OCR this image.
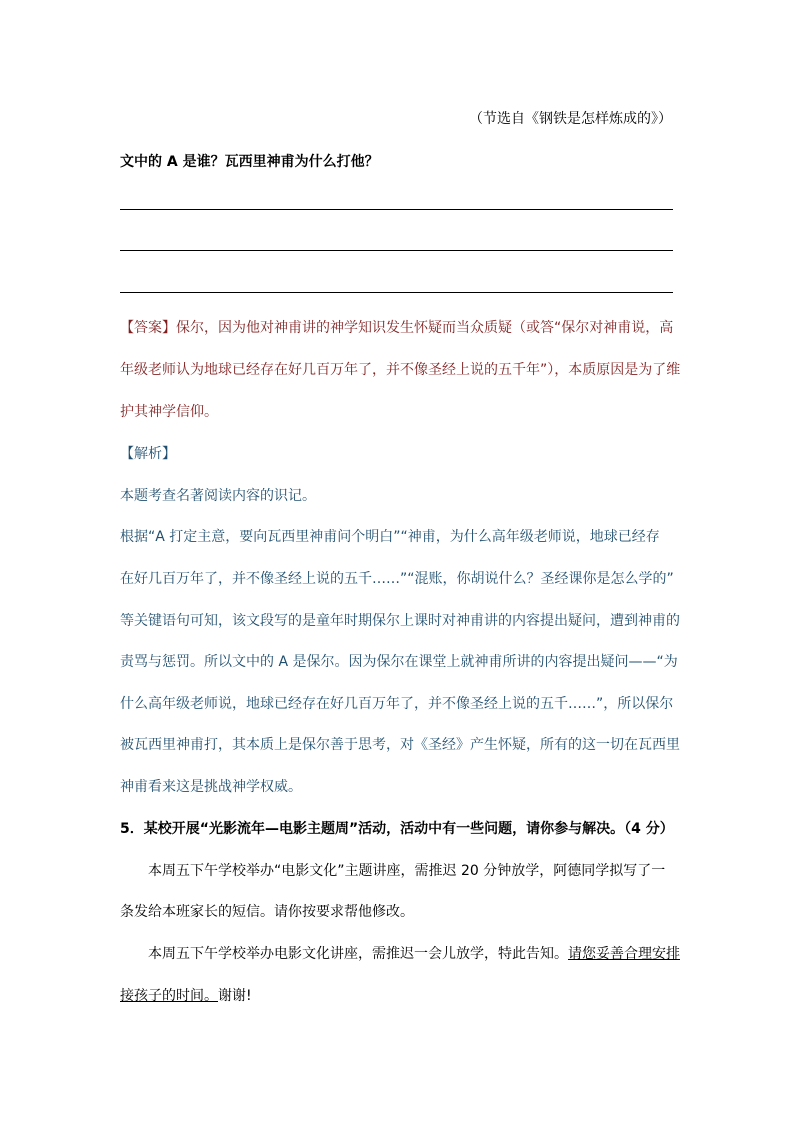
（节选自《钢铁是怎样炼成的》）
文中的 A 是谁？瓦西里神甫为什么打他？
【答案】保尔，因为他对神甫讲的神学知识发生怀疑而当众质疑（或答“保尔对神甫说，高
年级老师认为地球已经存在好几百万年了，并不像圣经上说的五千年”），本质原因是为了维
护其神学信仰。
【解析】
本题考查名著阅读内容的识记。
根据“A 打定主意，要向瓦西里神甫问个明白”“神甫，为什么高年级老师说，地球已经存
在好几百万年了，并不像圣经上说的五千……”“混账，你胡说什么？圣经课你是怎么学的”
等关键语句可知，该文段写的是童年时期保尔上课时对神甫讲的内容提出疑问，遭到神甫的
责骂与惩罚。所以文中的 A 是保尔。因为保尔在课堂上就神甫所讲的内容提出疑问——“为
什么高年级老师说，地球已经存在好几百万年了，并不像圣经上说的五千……”，所以保尔
被瓦西里神甫打，其本质上是保尔善于思考，对《圣经》产生怀疑，所有的这一切在瓦西里
神甫看来这是挑战神学权威。
5．某校开展“光影流年—电影主题周”活动，活动中有一些问题，请你参与解决。（4 分）
本周五下午学校举办“电影文化”主题讲座，需推迟 20 分钟放学，阿德同学拟写了一
条发给本班家长的短信。请你按要求帮他修改。
本周五下午学校举办电影文化讲座，需推迟一会儿放学，特此告知。请您妥善合理安排
接孩子的时间。谢谢!
